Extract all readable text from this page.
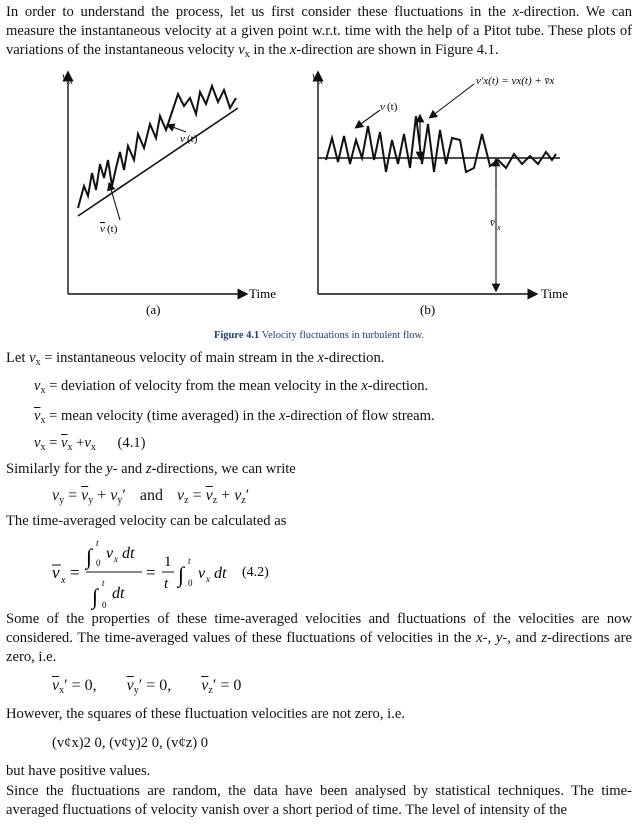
In order to understand the process, let us first consider these fluctuations in the x-direction. We can measure the instantaneous velocity at a given point w.r.t. time with the help of a Pitot tube. These plots of variations of the instantaneous velocity $v_x$ in the x-direction are shown in Figure 4.1.
v x
Time
v (t)
v (t)
(a)
v x
Time
v (t)
v′x(t) = vx(t) + v̄x
v̄ x
(b)
Figure 4.1 Velocity fluctuations in turbulent flow.
Let $v_x$ = instantaneous velocity of main stream in the x-direction.
$v_x$ = deviation of velocity from the mean velocity in the x-direction.
$\overline{v}_x$ = mean velocity (time averaged) in the x-direction of flow stream.
$v_x = \overline{v}_x +v_x$ (4.1)
Similarly for the y- and z-directions, we can write
$v_y = \overline{v}_y + v_y'$ and $v_z = \overline{v}_z + v_z'$
The time-averaged velocity can be calculated as
v x =
∫
t
0
v x dt
∫
t
0
dt
=
1
t ∫
t
0
v x dt (4.2)
Some of the properties of these time-averaged velocities and fluctuations of the velocities are now considered. The time-averaged values of these fluctuations of velocities in the x-, y-, and z-directions are zero, i.e.
$\overline{v}_x' = 0$, $\overline{v}_y' = 0$, $\overline{v}_z' = 0$
However, the squares of these fluctuation velocities are not zero, i.e.
(v¢x)2 0, (v¢y)2 0, (v¢z) 0
but have positive values.
Since the fluctuations are random, the data have been analysed by statistical techniques. The time-averaged fluctuations of velocity vanish over a short period of time. The level of intensity of the
